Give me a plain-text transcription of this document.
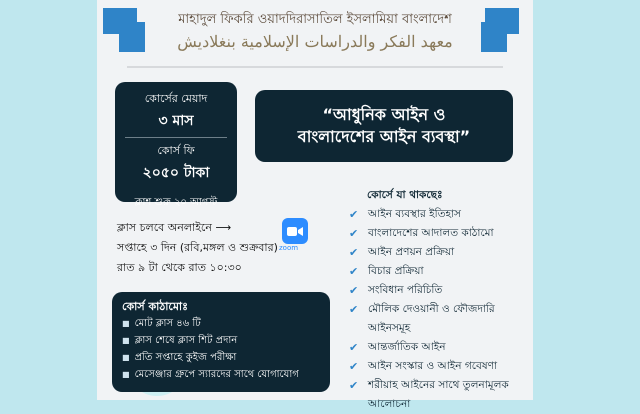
মাহাদুল ফিকরি ওয়াদদিরাসাতিল ইসলামিয়া বাংলাদেশ
معهد الفكر والدراسات الإسلامية بنغلاديش
কোর্সের মেয়াদ
৩ মাস
কোর্স ফি
২০৫০ টাকা
ক্লাশ শুরু ২০ আগস্ট
“আধুনিক আইন ও
বাংলাদেশের আইন ব্যবস্থা”
ক্লাস চলবে অনলাইনে ⟶
সপ্তাহে ৩ দিন (রবি,মঙ্গল ও শুক্রবার)
রাত ৯ টা থেকে রাত ১০:৩০
zoom
কোর্স কাঠামোঃ
■ মোট ক্লাস ৪৬ টি
■ ক্লাস শেষে ক্লাস শিট প্রদান
■ প্রতি সপ্তাহে কুইজ পরীক্ষা
■ মেসেঞ্জার গ্রুপে স্যারদের সাথে যোগাযোগ
কোর্সে যা থাকছেঃ
✔ আইন ব্যবস্থার ইতিহাস
✔ বাংলাদেশের আদালত কাঠামো
✔ আইন প্রণয়ন প্রক্রিয়া
✔ বিচার প্রক্রিয়া
✔ সংবিধান পরিচিতি
✔ মৌলিক দেওয়ানী ও ফৌজদারি আইনসমূহ
✔ আন্তর্জাতিক আইন
✔ আইন সংস্কার ও আইন গবেষণা
✔ শরীয়াহ আইনের সাথে তুলনামূলক আলোচনা
